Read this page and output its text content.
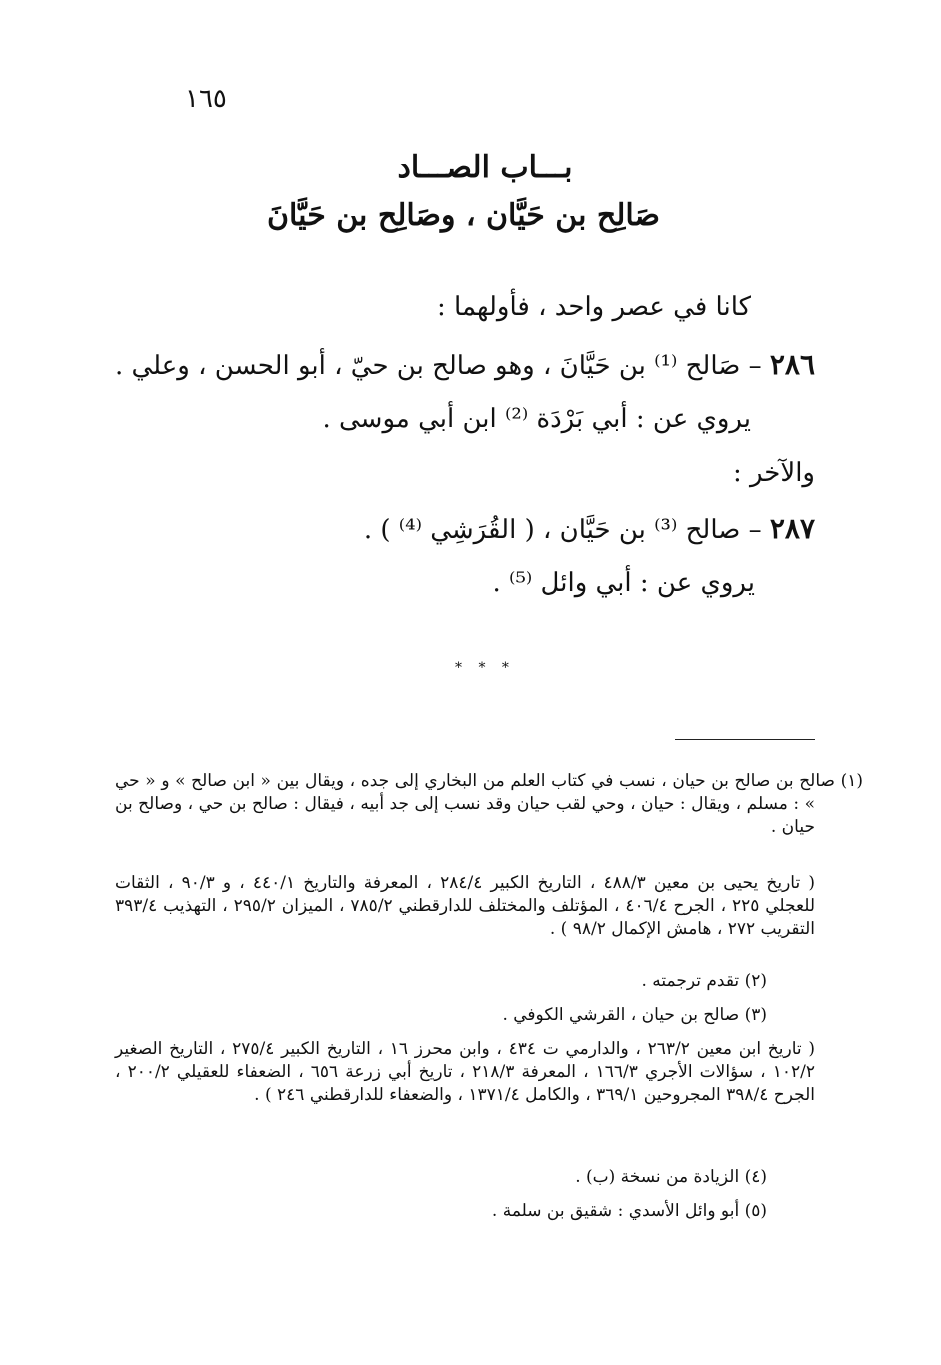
١٦٥
بـــاب الصـــاد
صَالِح بن حَيَّان ، وصَالِح بن حَيَّانَ
كانا في عصر واحد ، فأولهما :
٢٨٦ – صَالح ⁽¹⁾ بن حَيَّانَ ، وهو صالح بن حيّ ، أبو الحسن ، وعلي .
يروي عن : أبي بَرْدَة ⁽²⁾ ابن أبي موسى .
والآخر :
٢٨٧ – صالح ⁽³⁾ بن حَيَّان ، ( القُرَشِي ⁽⁴⁾ ) .
يروي عن : أبي وائل ⁽⁵⁾ .
* * *
(١) صالح بن صالح بن حيان ، نسب في كتاب العلم من البخاري إلى جده ، ويقال بين « ابن صالح » و « حي » : مسلم ، ويقال : حيان ، وحي لقب حيان وقد نسب إلى جد أبيه ، فيقال : صالح بن حي ، وصالح بن حيان .
( تاريخ يحيى بن معين ٤٨٨/٣ ، التاريخ الكبير ٢٨٤/٤ ، المعرفة والتاريخ ٤٤٠/١ ، و ٩٠/٣ ، الثقات للعجلي ٢٢٥ ، الجرح ٤٠٦/٤ ، المؤتلف والمختلف للدارقطني ٧٨٥/٢ ، الميزان ٢٩٥/٢ ، التهذيب ٣٩٣/٤ التقريب ٢٧٢ ، هامش الإكمال ٩٨/٢ ) .
(٢) تقدم ترجمته .
(٣) صالح بن حيان ، القرشي الكوفي .
( تاريخ ابن معين ٢٦٣/٢ ، والدارمي ت ٤٣٤ ، وابن محرز ١٦ ، التاريخ الكبير ٢٧٥/٤ ، التاريخ الصغير ١٠٢/٢ ، سؤالات الأجري ١٦٦/٣ ، المعرفة ٢١٨/٣ ، تاريخ أبي زرعة ٦٥٦ ، الضعفاء للعقيلي ٢٠٠/٢ ، الجرح ٣٩٨/٤ المجروحين ٣٦٩/١ ، والكامل ١٣٧١/٤ ، والضعفاء للدارقطني ٢٤٦ ) .
(٤) الزيادة من نسخة (ب) .
(٥) أبو وائل الأسدي : شقيق بن سلمة .
